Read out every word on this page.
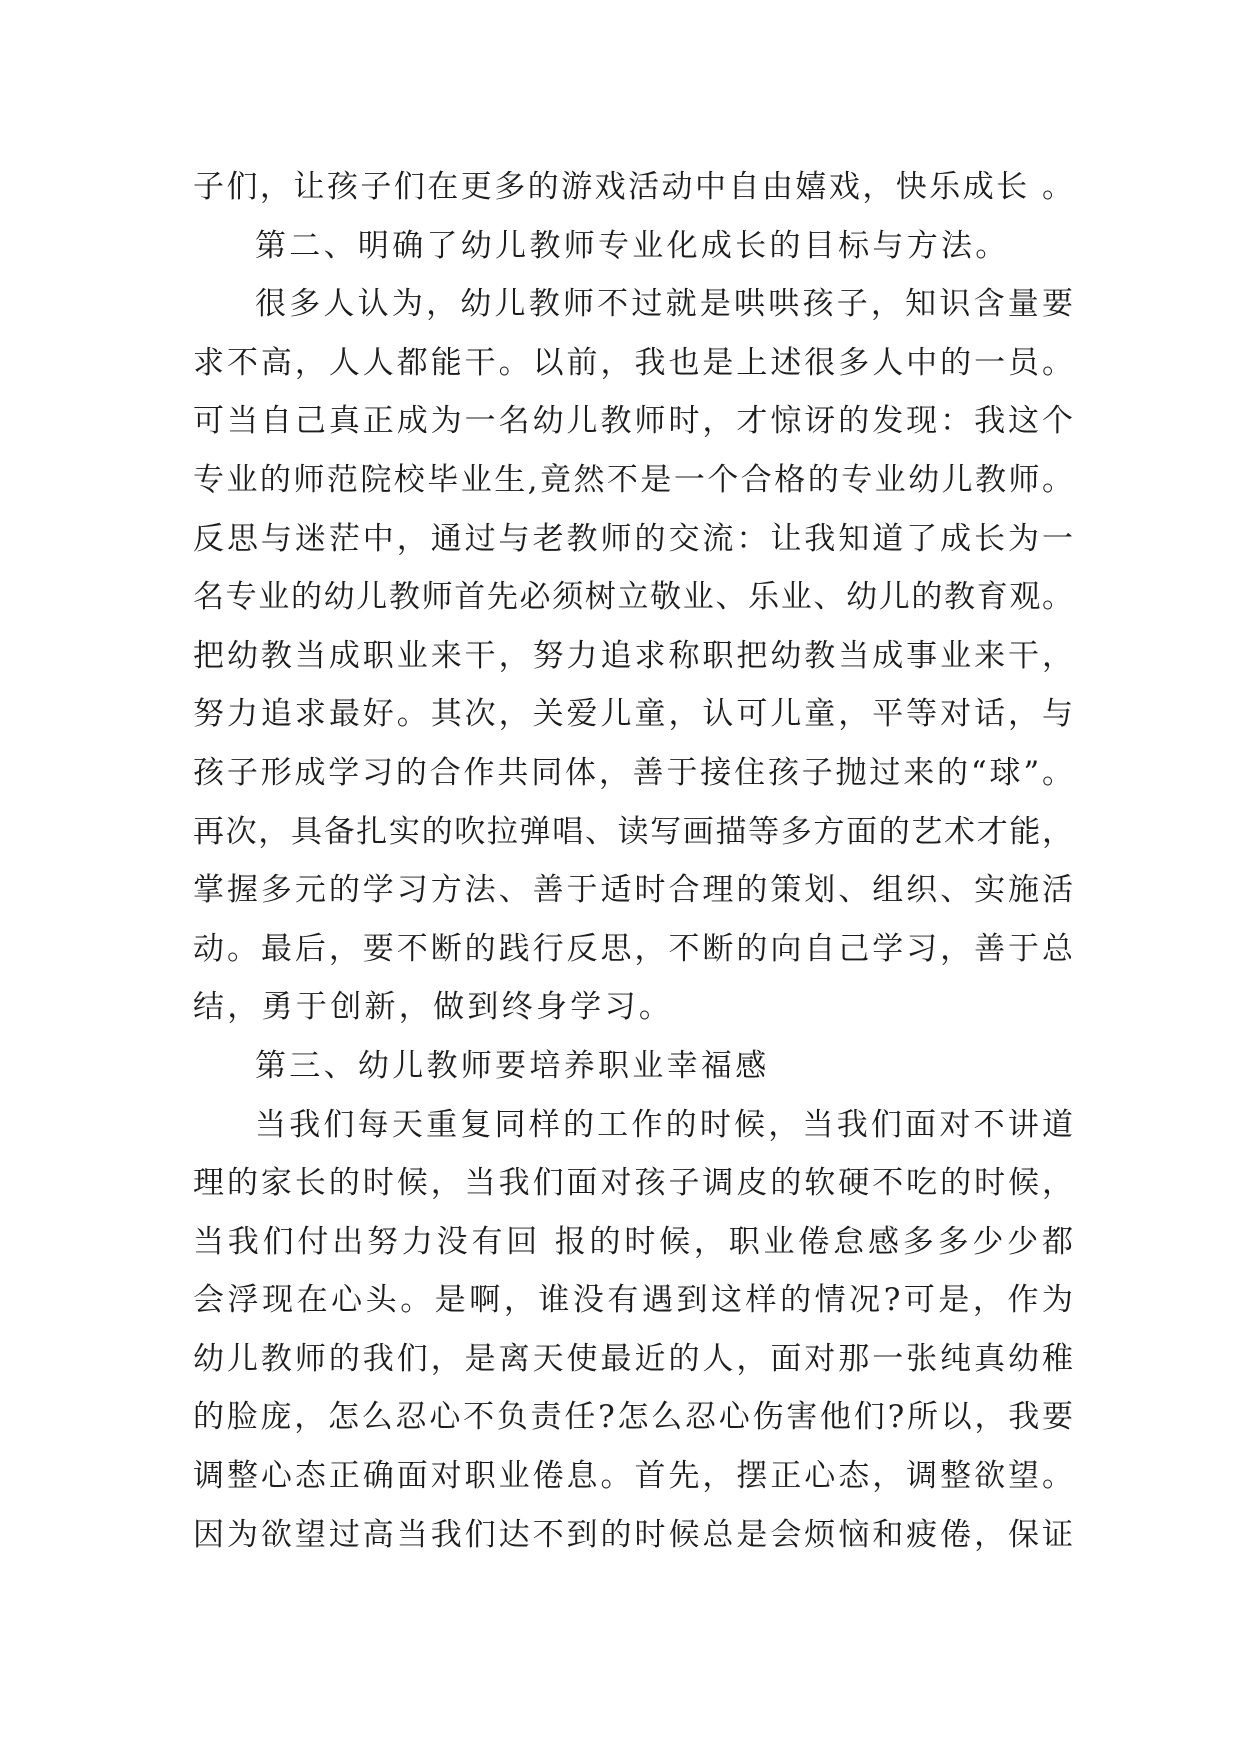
子们，让孩子们在更多的游戏活动中自由嬉戏，快乐成长 。
第二、明确了幼儿教师专业化成长的目标与方法。
很多人认为，幼儿教师不过就是哄哄孩子，知识含量要
求不高，人人都能干。以前，我也是上述很多人中的一员。
可当自己真正成为一名幼儿教师时，才惊讶的发现：我这个
专业的师范院校毕业生,竟然不是一个合格的专业幼儿教师。
反思与迷茫中，通过与老教师的交流：让我知道了成长为一
名专业的幼儿教师首先必须树立敬业、乐业、幼儿的教育观。
把幼教当成职业来干，努力追求称职把幼教当成事业来干，
努力追求最好。其次，关爱儿童，认可儿童，平等对话，与
孩子形成学习的合作共同体，善于接住孩子抛过来的“球”。
再次，具备扎实的吹拉弹唱、读写画描等多方面的艺术才能，
掌握多元的学习方法、善于适时合理的策划、组织、实施活
动。最后，要不断的践行反思，不断的向自己学习，善于总
结，勇于创新，做到终身学习。
第三、幼儿教师要培养职业幸福感
当我们每天重复同样的工作的时候，当我们面对不讲道
理的家长的时候，当我们面对孩子调皮的软硬不吃的时候，
当我们付出努力没有回 报的时候，职业倦怠感多多少少都
会浮现在心头。是啊，谁没有遇到这样的情况?可是，作为
幼儿教师的我们，是离天使最近的人，面对那一张纯真幼稚
的脸庞，怎么忍心不负责任?怎么忍心伤害他们?所以，我要
调整心态正确面对职业倦息。首先，摆正心态，调整欲望。
因为欲望过高当我们达不到的时候总是会烦恼和疲倦，保证
